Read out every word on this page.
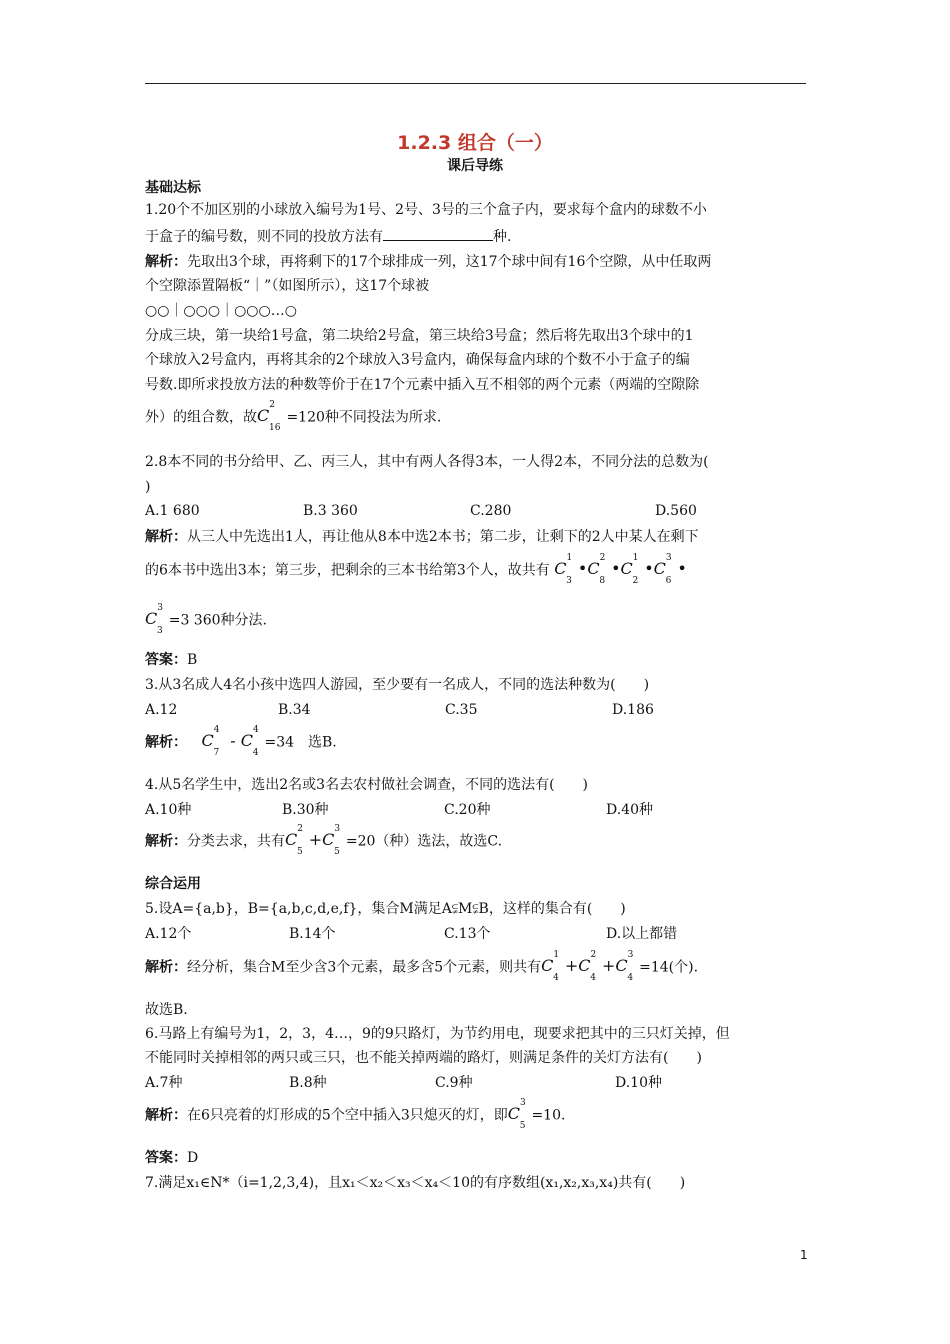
1.2.3 组合（一）
课后导练
基础达标
1.20个不加区别的小球放入编号为1号、2号、3号的三个盒子内，要求每个盒内的球数不小
于盒子的编号数，则不同的投放方法有	种.
解析：先取出3个球，再将剩下的17个球排成一列，这17个球中间有16个空隙，从中任取两
个空隙添置隔板“｜”（如图所示），这17个球被
○○｜○○○｜○○○…○
分成三块，第一块给1号盒，第二块给2号盒，第三块给3号盒；然后将先取出3个球中的1
个球放入2号盒内，再将其余的2个球放入3号盒内，确保每盒内球的个数不小于盒子的编
号数.即所求投放方法的种数等价于在17个元素中插入互不相邻的两个元素（两端的空隙除
外）的组合数，故$C^2_{16}=120$种不同投法为所求.
2.8本不同的书分给甲、乙、丙三人，其中有两人各得3本，一人得2本，不同分法的总数为(
)
A.1 680	B.3 360	C.280	D.560
解析：从三人中先选出1人，再让他从8本中选2本书；第二步，让剩下的2人中某人在剩下
的6本书中选出3本；第三步，把剩余的三本书给第3个人，故共有 $C^1_3•C^2_8•C^1_2•C^3_6•$
$C^3_3=3$ 360种分法.
答案：B
3.从3名成人4名小孩中选四人游园，至少要有一名成人，不同的选法种数为(　　)
A.12	B.34	C.35	D.186
解析： $C^4_7 - C^4_4=34$　选B.
4.从5名学生中，选出2名或3名去农村做社会调查，不同的选法有(　　)
A.10种	B.30种	C.20种	D.40种
解析：分类去求，共有$C^2_5+C^3_5=20$（种）选法，故选C.
综合运用
5.设A={a,b}，B={a,b,c,d,e,f}，集合M满足A⫋M⫋B，这样的集合有(　　)
A.12个	B.14个	C.13个	D.以上都错
解析：经分析，集合M至少含3个元素，最多含5个元素，则共有$C^1_4+C^2_4+C^3_4=14$(个).
故选B.
6.马路上有编号为1，2，3，4…，9的9只路灯，为节约用电，现要求把其中的三只灯关掉，但
不能同时关掉相邻的两只或三只，也不能关掉两端的路灯，则满足条件的关灯方法有(　　)
A.7种	B.8种	C.9种	D.10种
解析：在6只亮着的灯形成的5个空中插入3只熄灭的灯，即$C^3_5=10$.
答案：D
7.满足x₁∈N*（i=1,2,3,4)，且x₁＜x₂＜x₃＜x₄＜10的有序数组(x₁,x₂,x₃,x₄)共有(　　)
1
